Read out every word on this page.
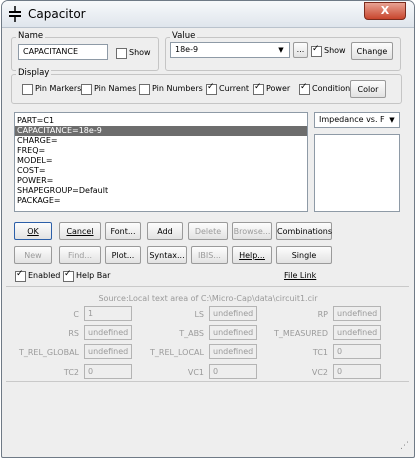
Capacitor	X
Name
CAPACITANCE	Show
Value
18e-9	▼	... ✓	Show	Change
Display
Pin Markers Pin Names Pin Numbers ✓ Current ✓ Power ✓	Condition Color
PART=C1
CAPACITANCE=18e-9
CHARGE=
FREQ=
MODEL=
COST=
POWER=
SHAPEGROUP=Default
PACKAGE=
Impedance vs. F ▼
OK	Cancel	Font...	Add	Delete	Browse... Combinations
New	Find...	Plot...	Syntax...	IBIS...	Help...	Single
✓
Enabled ✓ Help Bar	File Link
Source:Local text area of C:\Micro-Cap\data\circuit1.cir
C	1	LS	undefined	RP	undefined
RS	undefined	T_ABS	undefined	T_MEASURED	undefined
T_REL_GLOBAL	undefined	T_REL_LOCAL	undefined	TC1	0
TC2	0	VC1	0	VC2	0
⋰
